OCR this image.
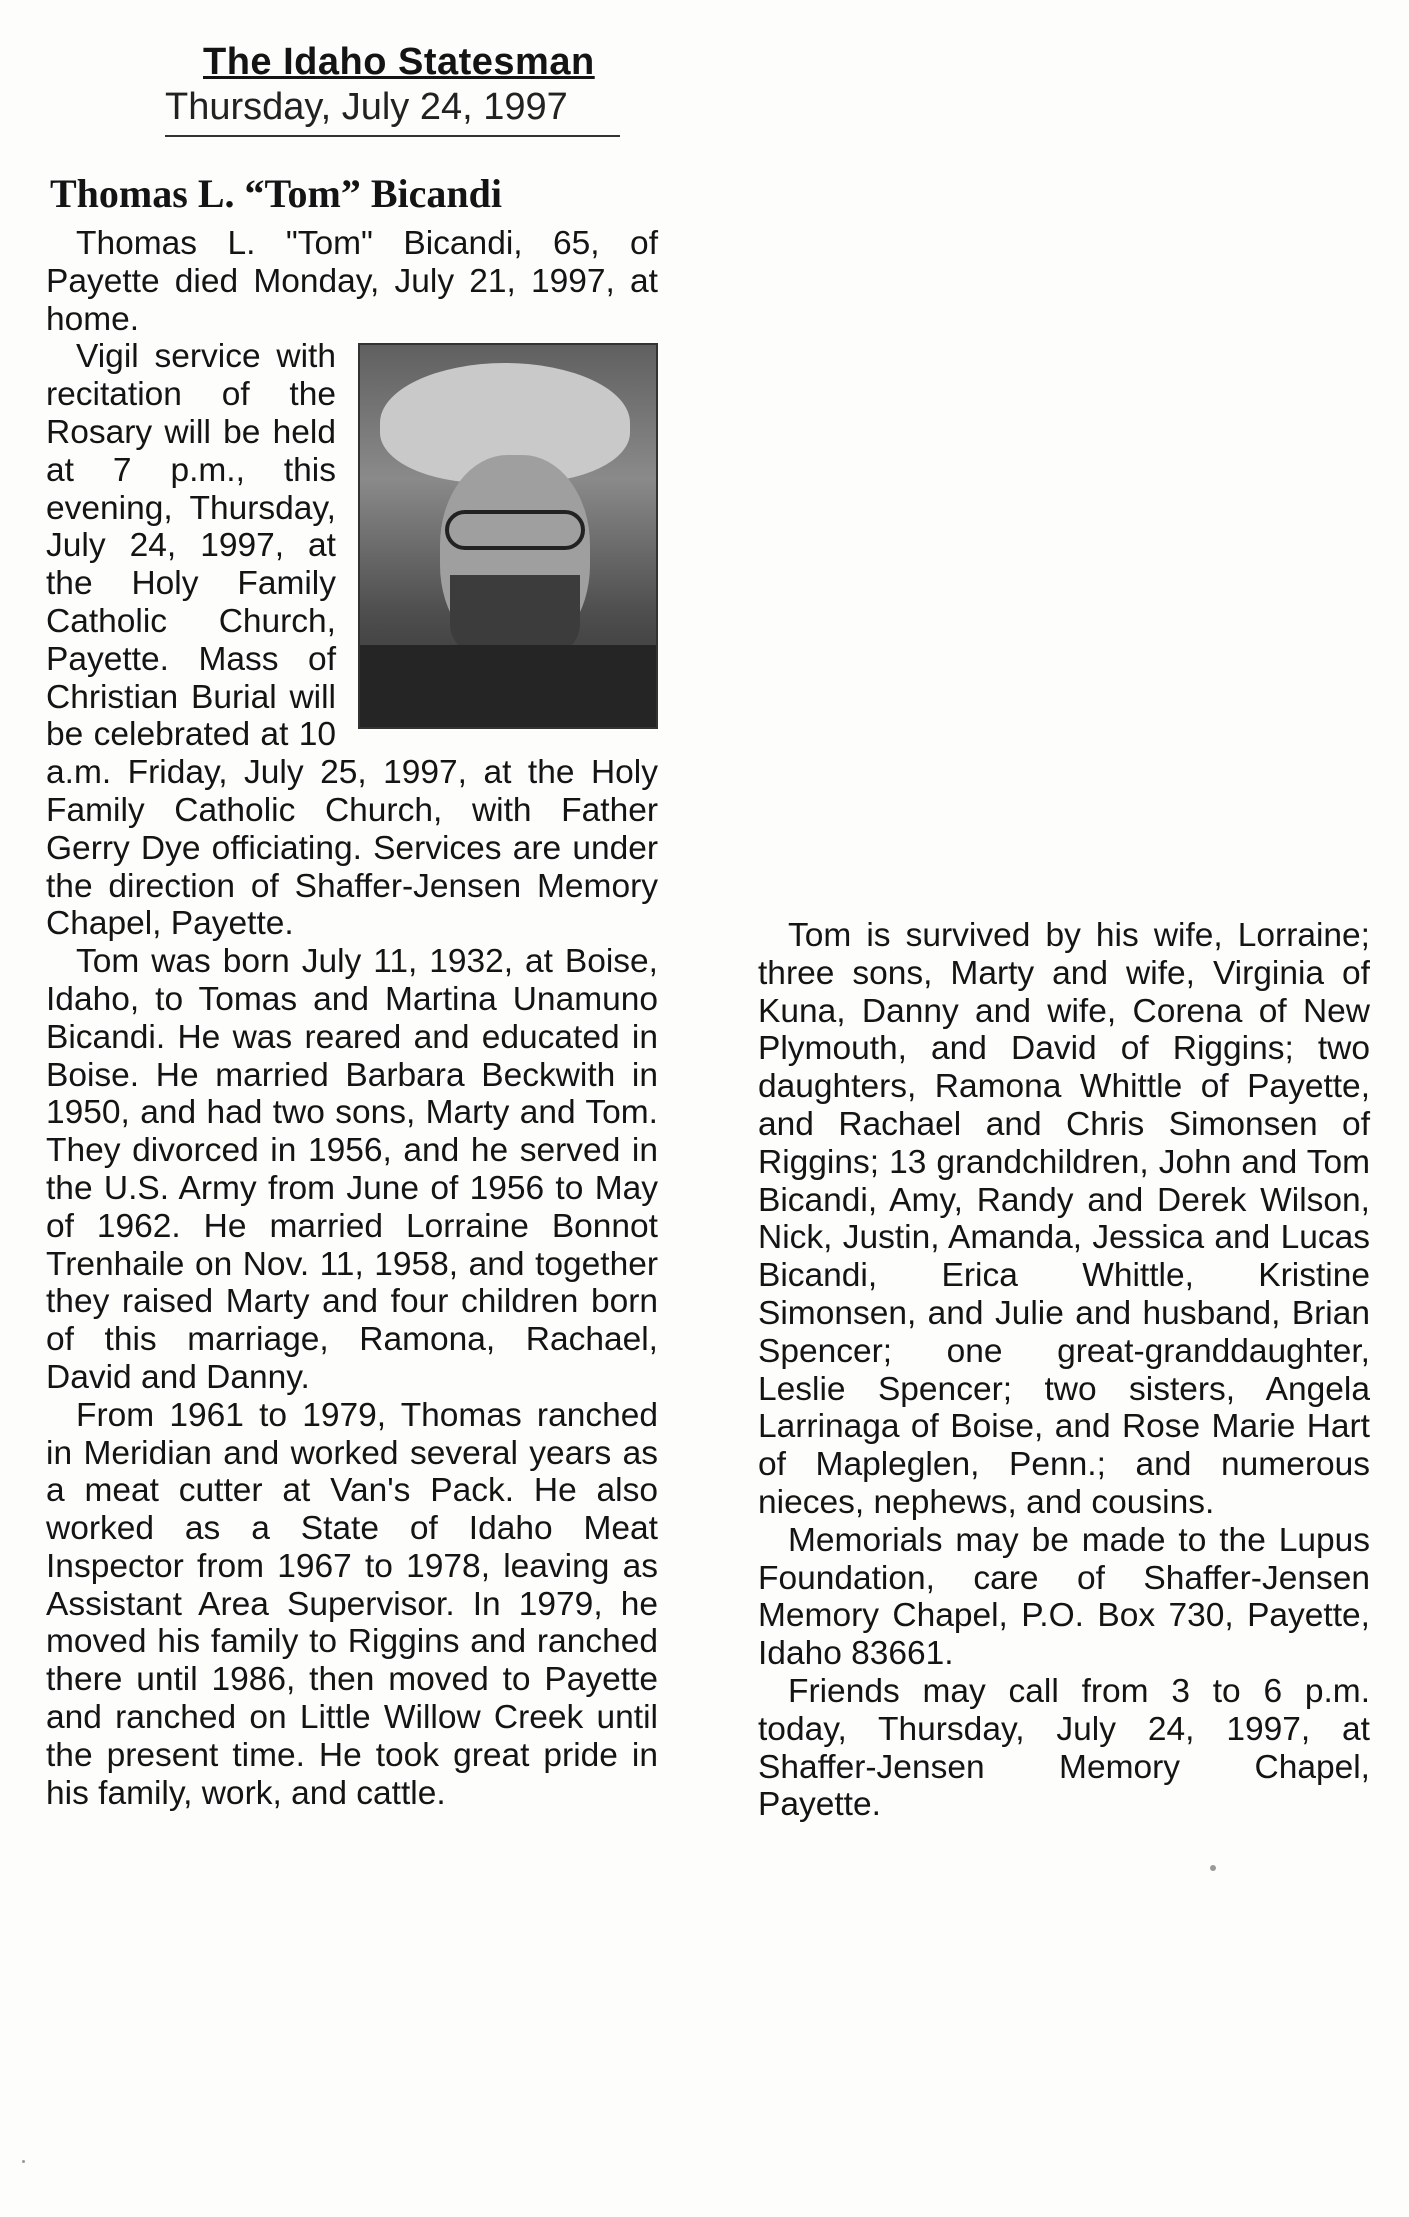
The Idaho Statesman
Thursday, July 24, 1997
Thomas L. “Tom” Bicandi

Thomas L. "Tom" Bicandi, 65, of Payette died Monday, July 21, 1997, at home.

Vigil service with recitation of the Rosary will be held at 7 p.m., this evening, Thursday, July 24, 1997, at the Holy Family Catholic Church, Payette. Mass of Christian Burial will be celebrated at 10 a.m. Friday, July 25, 1997, at the Holy Family Catholic Church, with Father Gerry Dye officiating. Services are under the direction of Shaffer-Jensen Memory Chapel, Payette.

Tom was born July 11, 1932, at Boise, Idaho, to Tomas and Martina Unamuno Bicandi. He was reared and educated in Boise. He married Barbara Beckwith in 1950, and had two sons, Marty and Tom. They divorced in 1956, and he served in the U.S. Army from June of 1956 to May of 1962. He married Lorraine Bonnot Trenhaile on Nov. 11, 1958, and together they raised Marty and four children born of this marriage, Ramona, Rachael, David and Danny.

From 1961 to 1979, Thomas ranched in Meridian and worked several years as a meat cutter at Van's Pack. He also worked as a State of Idaho Meat Inspector from 1967 to 1978, leaving as Assistant Area Supervisor. In 1979, he moved his family to Riggins and ranched there until 1986, then moved to Payette and ranched on Little Willow Creek until the present time. He took great pride in his family, work, and cattle.

Tom is survived by his wife, Lorraine; three sons, Marty and wife, Virginia of Kuna, Danny and wife, Corena of New Plymouth, and David of Riggins; two daughters, Ramona Whittle of Payette, and Rachael and Chris Simonsen of Riggins; 13 grandchildren, John and Tom Bicandi, Amy, Randy and Derek Wilson, Nick, Justin, Amanda, Jessica and Lucas Bicandi, Erica Whittle, Kristine Simonsen, and Julie and husband, Brian Spencer; one great-granddaughter, Leslie Spencer; two sisters, Angela Larrinaga of Boise, and Rose Marie Hart of Mapleglen, Penn.; and numerous nieces, nephews, and cousins.

Memorials may be made to the Lupus Foundation, care of Shaffer-Jensen Memory Chapel, P.O. Box 730, Payette, Idaho 83661.

Friends may call from 3 to 6 p.m. today, Thursday, July 24, 1997, at Shaffer-Jensen Memory Chapel, Payette.
